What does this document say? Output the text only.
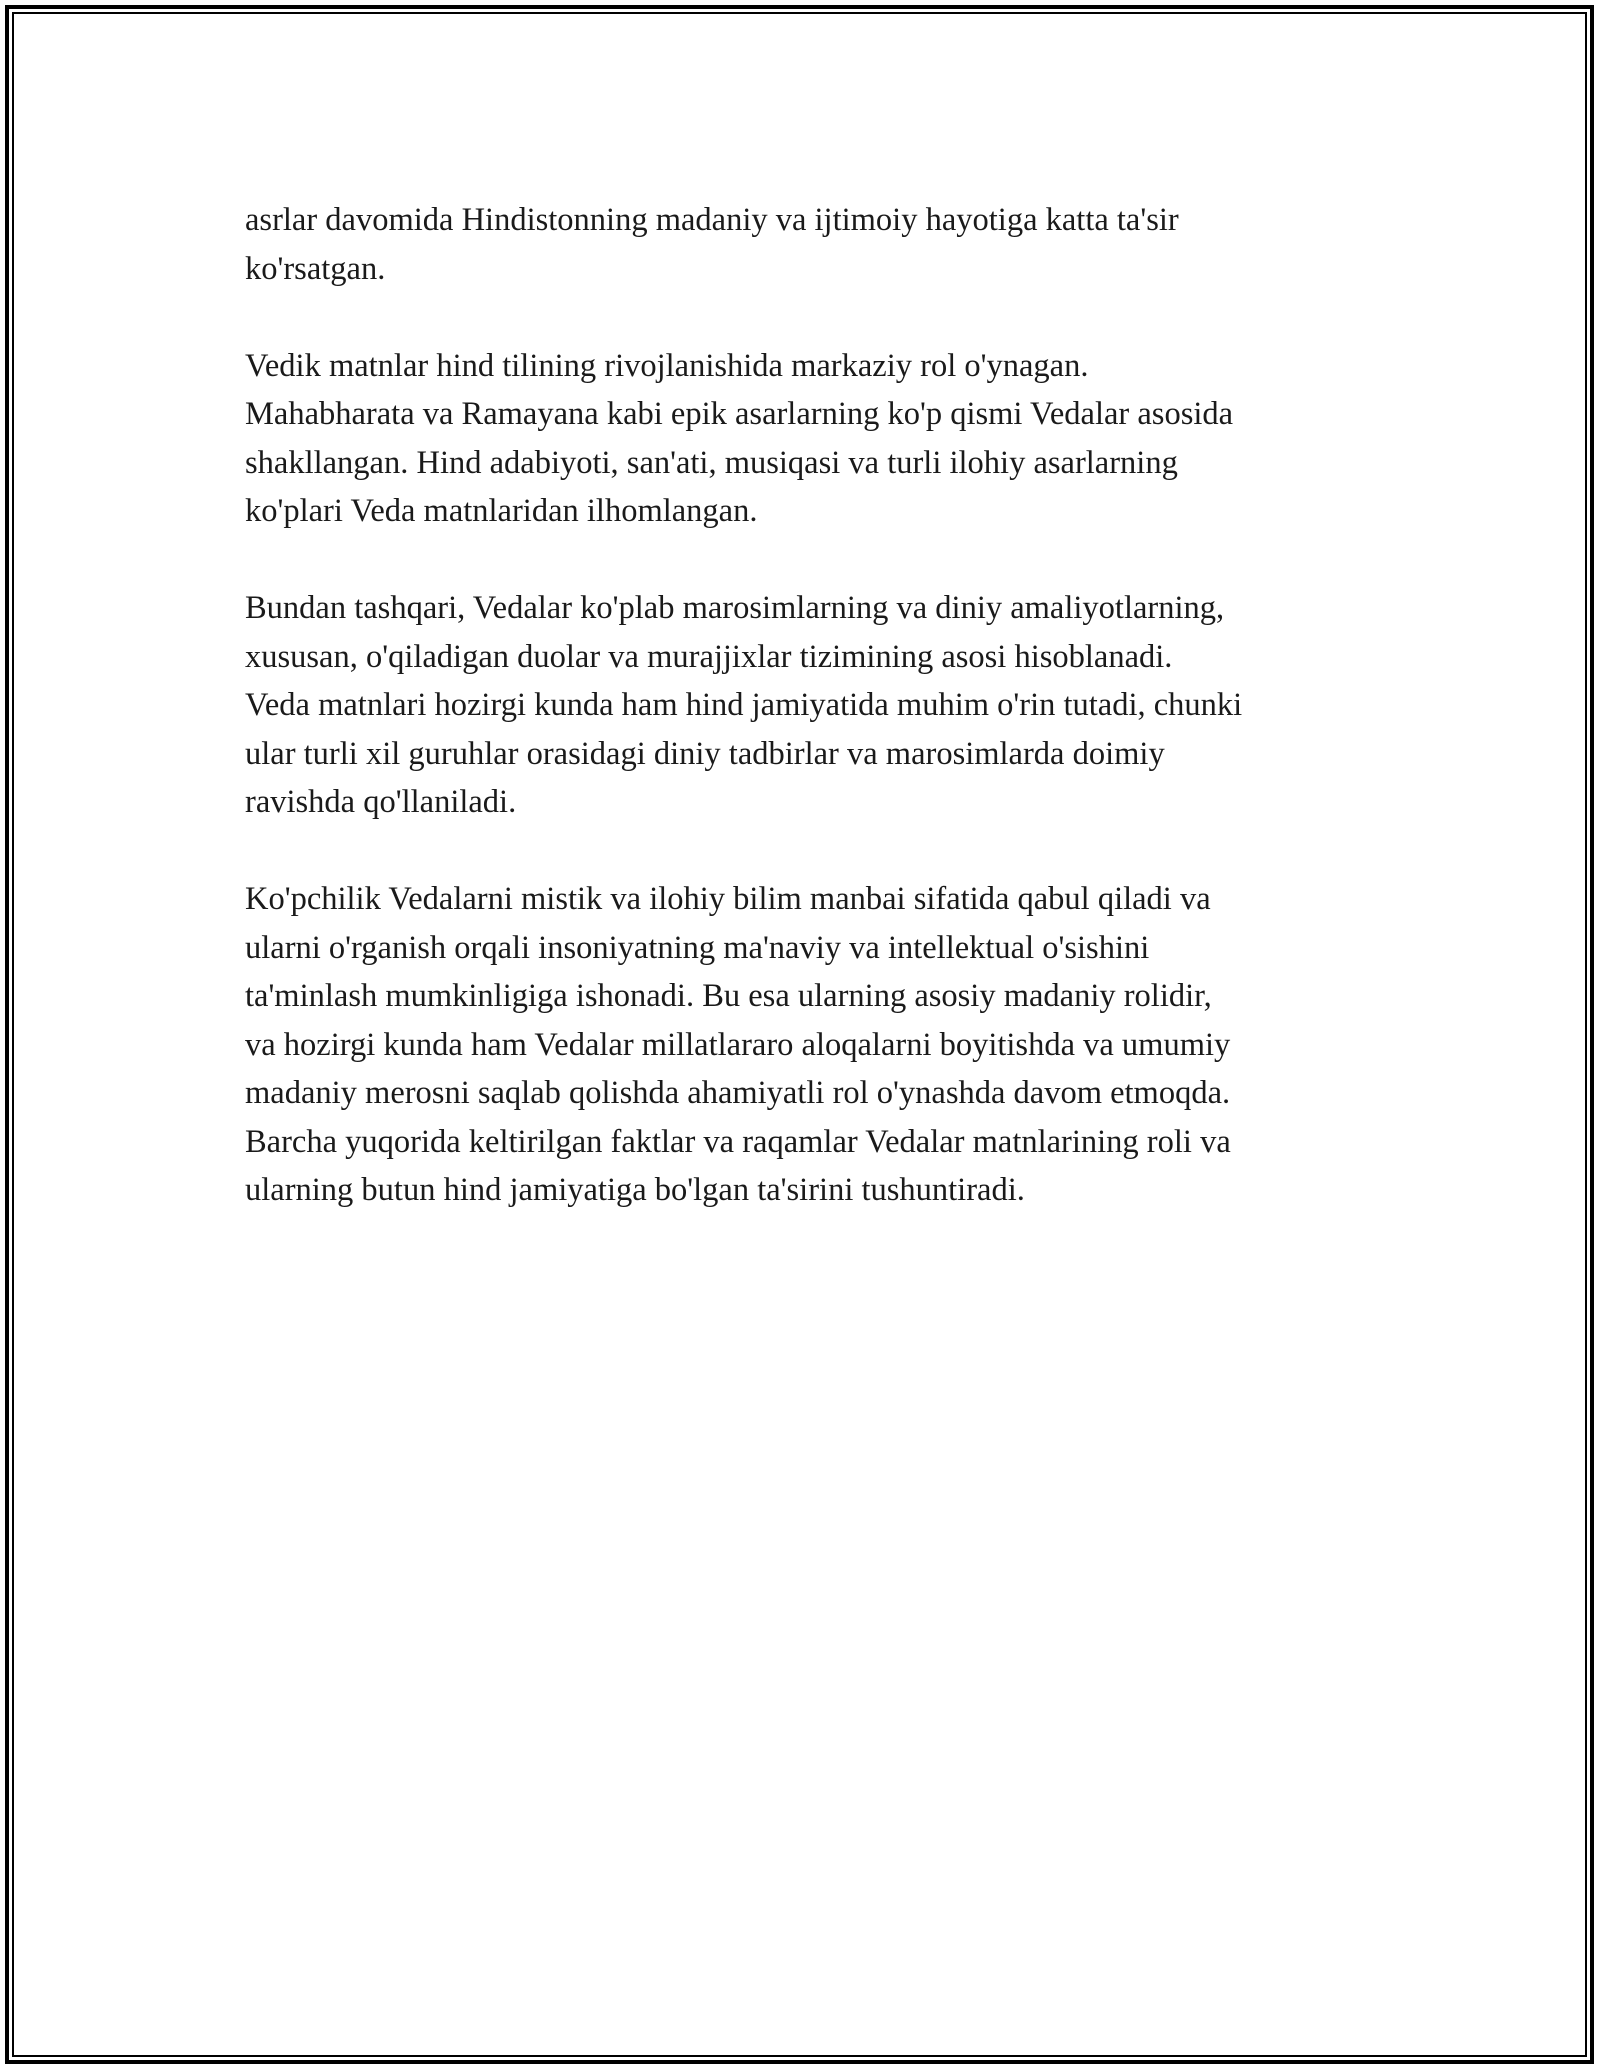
asrlar davomida Hindistonning madaniy va ijtimoiy hayotiga katta ta'sir
ko'rsatgan.

Vedik matnlar hind tilining rivojlanishida markaziy rol o'ynagan.
Mahabharata va Ramayana kabi epik asarlarning ko'p qismi Vedalar asosida
shakllangan. Hind adabiyoti, san'ati, musiqasi va turli ilohiy asarlarning
ko'plari Veda matnlaridan ilhomlangan.

Bundan tashqari, Vedalar ko'plab marosimlarning va diniy amaliyotlarning,
xususan, o'qiladigan duolar va murajjixlar tizimining asosi hisoblanadi.
Veda matnlari hozirgi kunda ham hind jamiyatida muhim o'rin tutadi, chunki
ular turli xil guruhlar orasidagi diniy tadbirlar va marosimlarda doimiy
ravishda qo'llaniladi.

Ko'pchilik Vedalarni mistik va ilohiy bilim manbai sifatida qabul qiladi va
ularni o'rganish orqali insoniyatning ma'naviy va intellektual o'sishini
ta'minlash mumkinligiga ishonadi. Bu esa ularning asosiy madaniy rolidir,
va hozirgi kunda ham Vedalar millatlararo aloqalarni boyitishda va umumiy
madaniy merosni saqlab qolishda ahamiyatli rol o'ynashda davom etmoqda.
Barcha yuqorida keltirilgan faktlar va raqamlar Vedalar matnlarining roli va
ularning butun hind jamiyatiga bo'lgan ta'sirini tushuntiradi.
